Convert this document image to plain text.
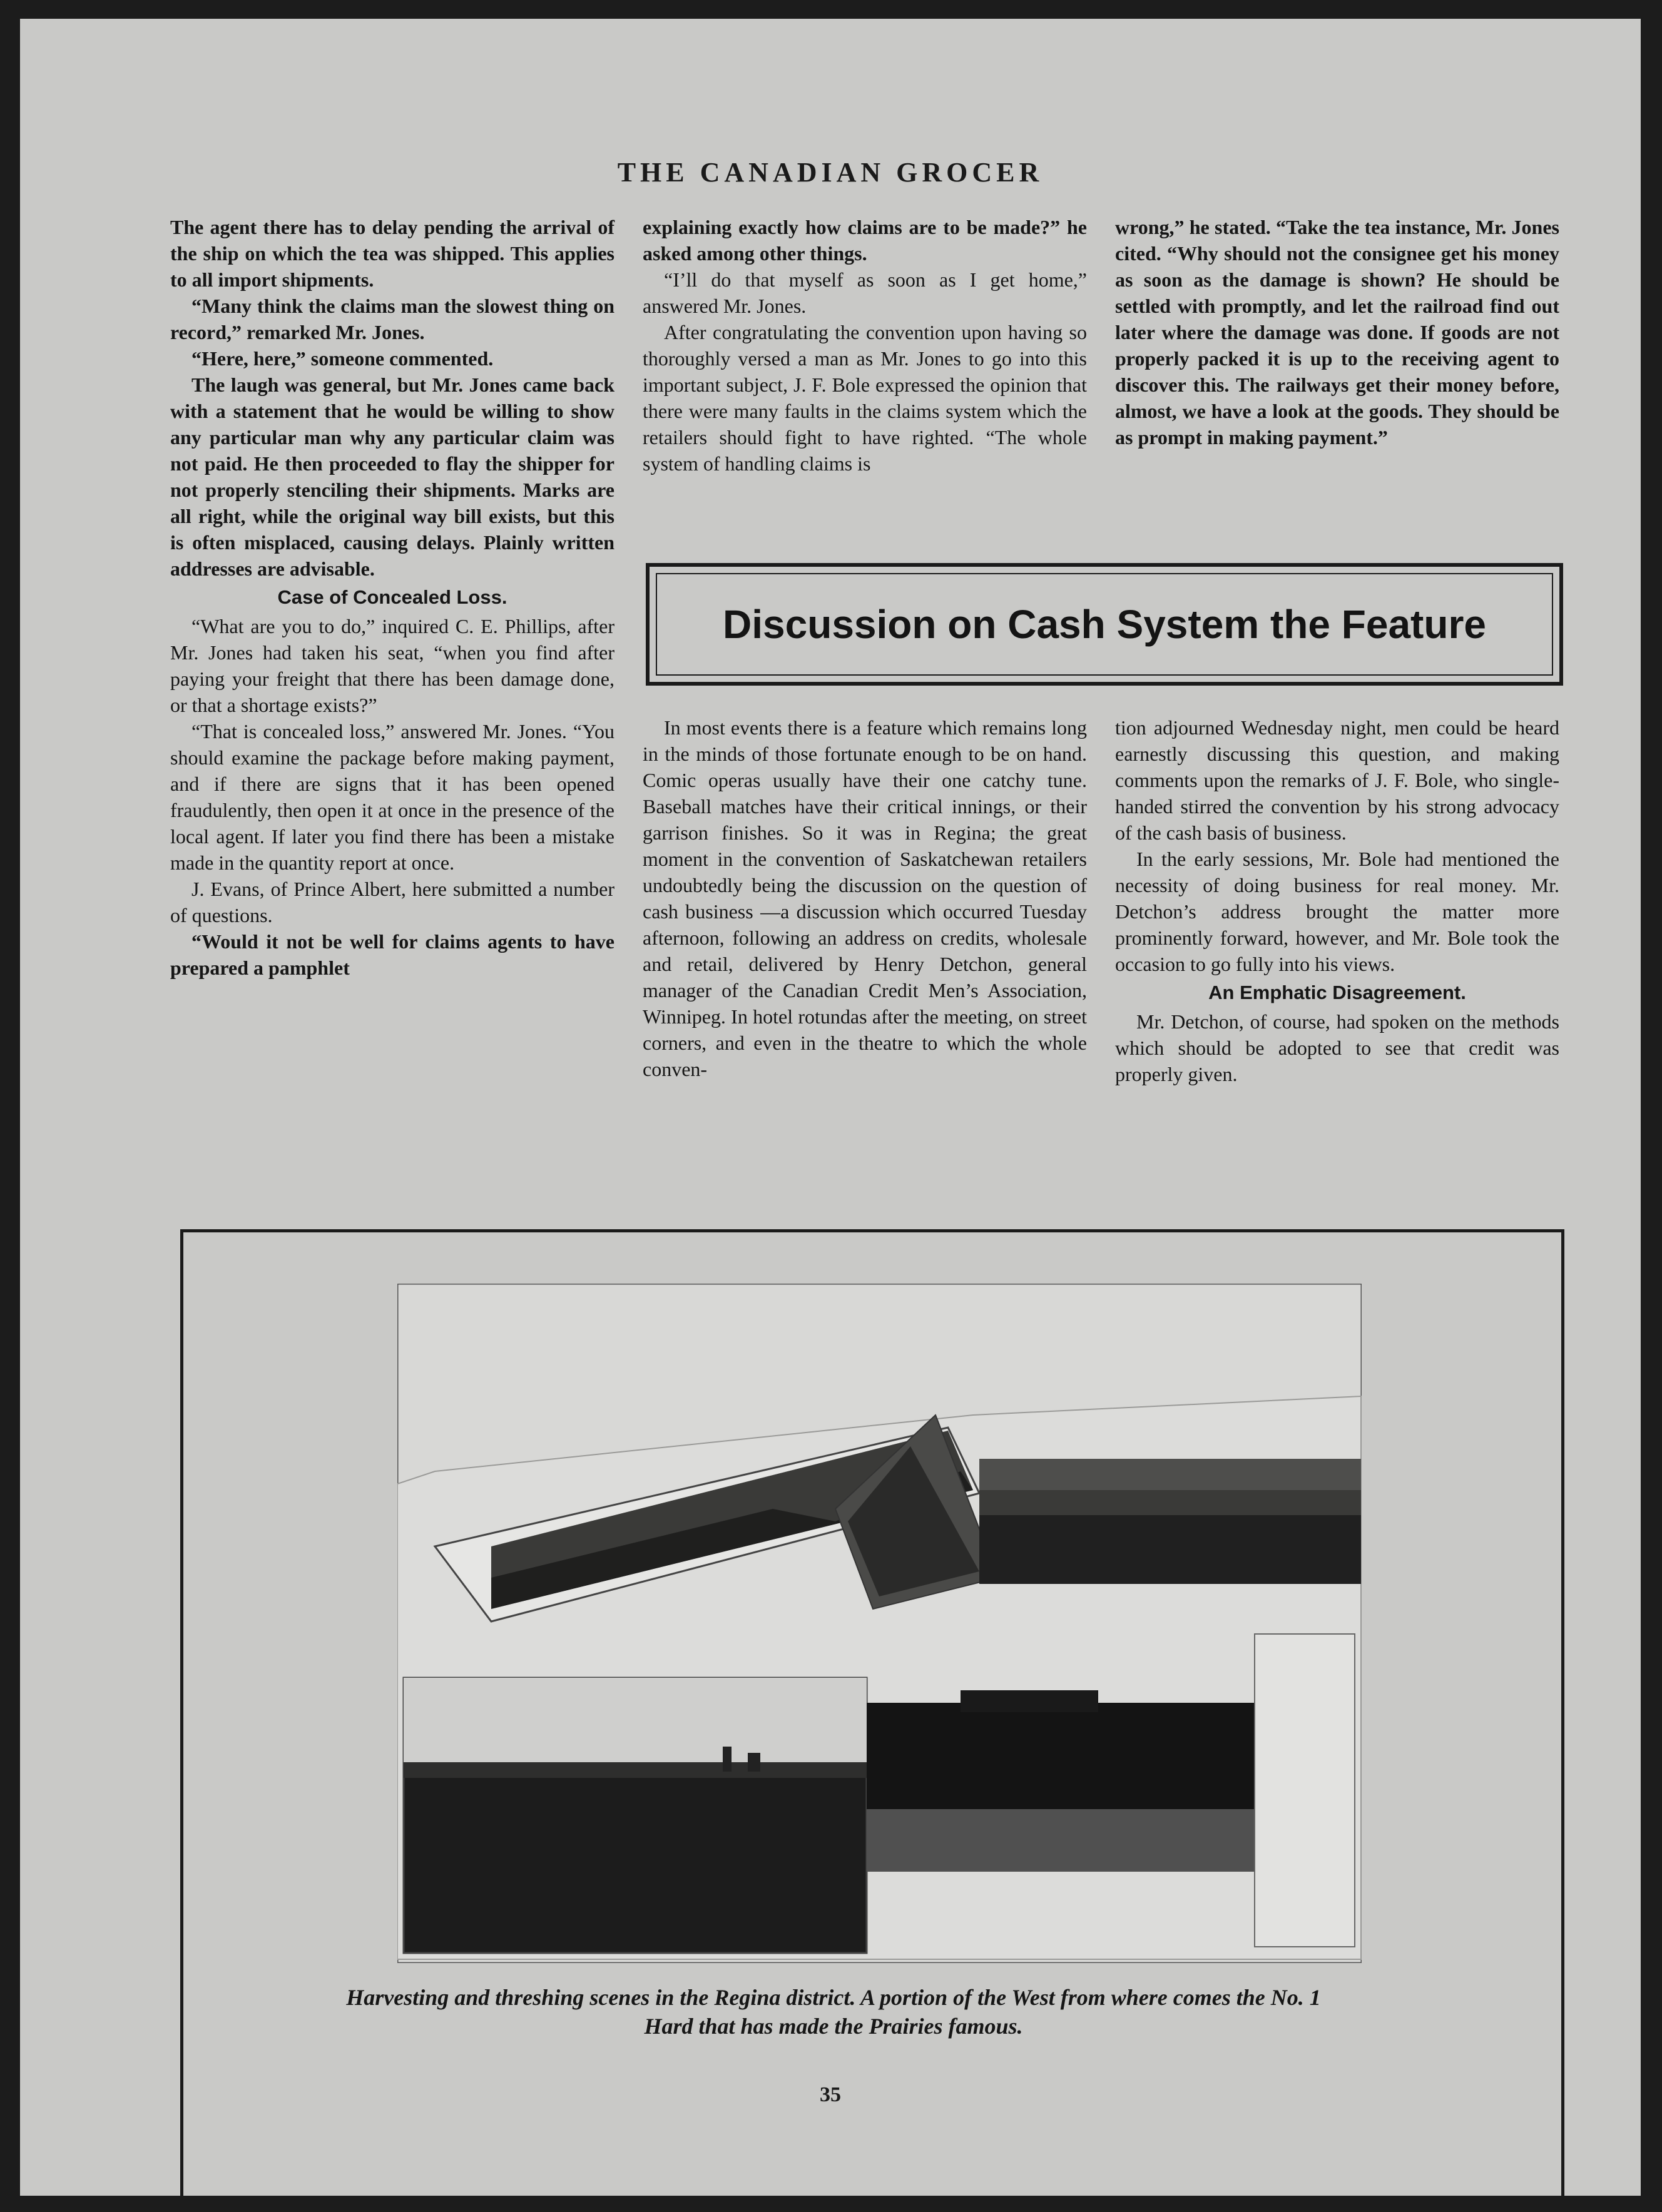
THE CANADIAN GROCER

The agent there has to delay pending the arrival of the ship on which the tea was shipped. This applies to all import shipments.

“Many think the claims man the slowest thing on record,” remarked Mr. Jones.

“Here, here,” someone commented.

The laugh was general, but Mr. Jones came back with a statement that he would be willing to show any particular man why any particular claim was not paid. He then proceeded to flay the shipper for not properly stenciling their shipments. Marks are all right, while the original way bill exists, but this is often misplaced, causing delays. Plainly written addresses are advisable.

Case of Concealed Loss.

“What are you to do,” inquired C. E. Phillips, after Mr. Jones had taken his seat, “when you find after paying your freight that there has been damage done, or that a shortage exists?”

“That is concealed loss,” answered Mr. Jones. “You should examine the package before making payment, and if there are signs that it has been opened fraudulently, then open it at once in the presence of the local agent. If later you find there has been a mistake made in the quantity report at once.

J. Evans, of Prince Albert, here submitted a number of questions.

“Would it not be well for claims agents to have prepared a pamphlet

explaining exactly how claims are to be made?” he asked among other things.

“I’ll do that myself as soon as I get home,” answered Mr. Jones.

After congratulating the convention upon having so thoroughly versed a man as Mr. Jones to go into this important subject, J. F. Bole expressed the opinion that there were many faults in the claims system which the retailers should fight to have righted. “The whole system of handling claims is

wrong,” he stated. “Take the tea instance, Mr. Jones cited. “Why should not the consignee get his money as soon as the damage is shown? He should be settled with promptly, and let the railroad find out later where the damage was done. If goods are not properly packed it is up to the receiving agent to discover this. The railways get their money before, almost, we have a look at the goods. They should be as prompt in making payment.”

Discussion on Cash System the Feature

In most events there is a feature which remains long in the minds of those fortunate enough to be on hand. Comic operas usually have their one catchy tune. Baseball matches have their critical innings, or their garrison finishes. So it was in Regina; the great moment in the convention of Saskatchewan retailers undoubtedly being the discussion on the question of cash business —a discussion which occurred Tuesday afternoon, following an address on credits, wholesale and retail, delivered by Henry Detchon, general manager of the Canadian Credit Men’s Association, Winnipeg. In hotel rotundas after the meeting, on street corners, and even in the theatre to which the whole conven-

tion adjourned Wednesday night, men could be heard earnestly discussing this question, and making comments upon the remarks of J. F. Bole, who single-handed stirred the convention by his strong advocacy of the cash basis of business.

In the early sessions, Mr. Bole had mentioned the necessity of doing business for real money. Mr. Detchon’s address brought the matter more prominently forward, however, and Mr. Bole took the occasion to go fully into his views.

An Emphatic Disagreement.

Mr. Detchon, of course, had spoken on the methods which should be adopted to see that credit was properly given.

Harvesting and threshing scenes in the Regina district. A portion of the West from where comes the No. 1
Hard that has made the Prairies famous.
35
